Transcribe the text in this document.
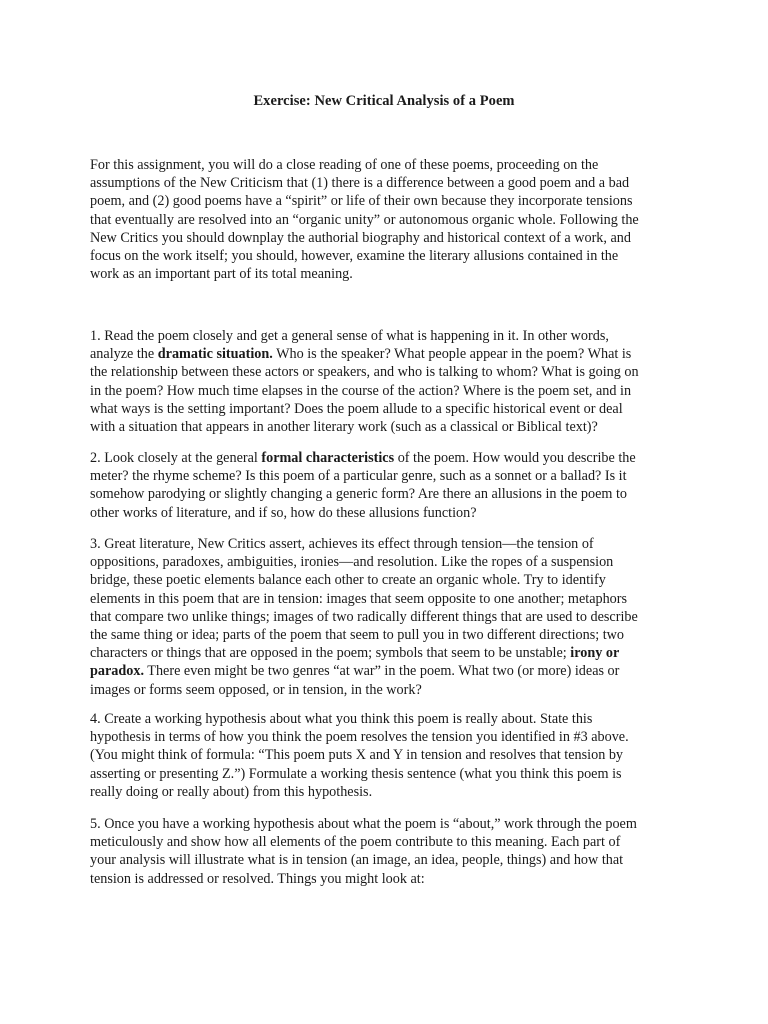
Exercise: New Critical Analysis of a Poem

For this assignment, you will do a close reading of one of these poems, proceeding on the
assumptions of the New Criticism that (1) there is a difference between a good poem and a bad
poem, and (2) good poems have a “spirit” or life of their own because they incorporate tensions
that eventually are resolved into an “organic unity” or autonomous organic whole. Following the
New Critics you should downplay the authorial biography and historical context of a work, and
focus on the work itself; you should, however, examine the literary allusions contained in the
work as an important part of its total meaning.

1. Read the poem closely and get a general sense of what is happening in it. In other words,
analyze the dramatic situation. Who is the speaker? What people appear in the poem? What is
the relationship between these actors or speakers, and who is talking to whom? What is going on
in the poem? How much time elapses in the course of the action? Where is the poem set, and in
what ways is the setting important? Does the poem allude to a specific historical event or deal
with a situation that appears in another literary work (such as a classical or Biblical text)?

2. Look closely at the general formal characteristics of the poem. How would you describe the
meter? the rhyme scheme? Is this poem of a particular genre, such as a sonnet or a ballad? Is it
somehow parodying or slightly changing a generic form? Are there an allusions in the poem to
other works of literature, and if so, how do these allusions function?

3. Great literature, New Critics assert, achieves its effect through tension—the tension of
oppositions, paradoxes, ambiguities, ironies—and resolution. Like the ropes of a suspension
bridge, these poetic elements balance each other to create an organic whole. Try to identify
elements in this poem that are in tension: images that seem opposite to one another; metaphors
that compare two unlike things; images of two radically different things that are used to describe
the same thing or idea; parts of the poem that seem to pull you in two different directions; two
characters or things that are opposed in the poem; symbols that seem to be unstable; irony or
paradox. There even might be two genres “at war” in the poem. What two (or more) ideas or
images or forms seem opposed, or in tension, in the work?

4. Create a working hypothesis about what you think this poem is really about. State this
hypothesis in terms of how you think the poem resolves the tension you identified in #3 above.
(You might think of formula: “This poem puts X and Y in tension and resolves that tension by
asserting or presenting Z.”) Formulate a working thesis sentence (what you think this poem is
really doing or really about) from this hypothesis.

5. Once you have a working hypothesis about what the poem is “about,” work through the poem
meticulously and show how all elements of the poem contribute to this meaning. Each part of
your analysis will illustrate what is in tension (an image, an idea, people, things) and how that
tension is addressed or resolved. Things you might look at:
